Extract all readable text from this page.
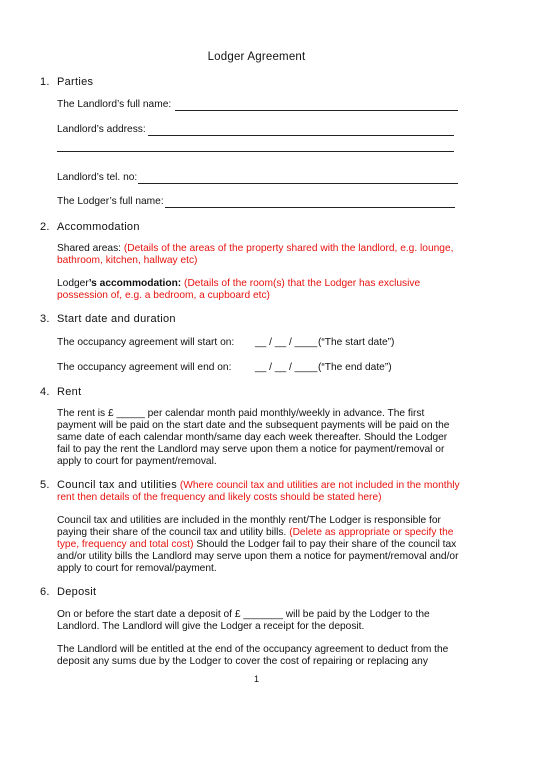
Lodger Agreement
1. Parties
The Landlord’s full name:
Landlord’s address:
Landlord’s tel. no:
The Lodger’s full name:
2. Accommodation

Shared areas: (Details of the areas of the property shared with the landlord, e.g. lounge, bathroom, kitchen, hallway etc)

Lodger’s accommodation: (Details of the room(s) that the Lodger has exclusive possession of, e.g. a bedroom, a cupboard etc)

3. Start date and duration
The occupancy agreement will start on: __ / __ / ____ (“The start date”)
The occupancy agreement will end on: __ / __ / ____ (“The end date”)
4. Rent

The rent is £ _____ per calendar month paid monthly/weekly in advance. The first payment will be paid on the start date and the subsequent payments will be paid on the same date of each calendar month/same day each week thereafter. Should the Lodger fail to pay the rent the Landlord may serve upon them a notice for payment/removal or apply to court for payment/removal.

5. Council tax and utilities (Where council tax and utilities are not included in the monthly rent then details of the frequency and likely costs should be stated here)

Council tax and utilities are included in the monthly rent/The Lodger is responsible for paying their share of the council tax and utility bills. (Delete as appropriate or specify the type, frequency and total cost) Should the Lodger fail to pay their share of the council tax and/or utility bills the Landlord may serve upon them a notice for payment/removal and/or apply to court for removal/payment.

6. Deposit

On or before the start date a deposit of £ _______ will be paid by the Lodger to the Landlord. The Landlord will give the Lodger a receipt for the deposit.

The Landlord will be entitled at the end of the occupancy agreement to deduct from the deposit any sums due by the Lodger to cover the cost of repairing or replacing any

1
